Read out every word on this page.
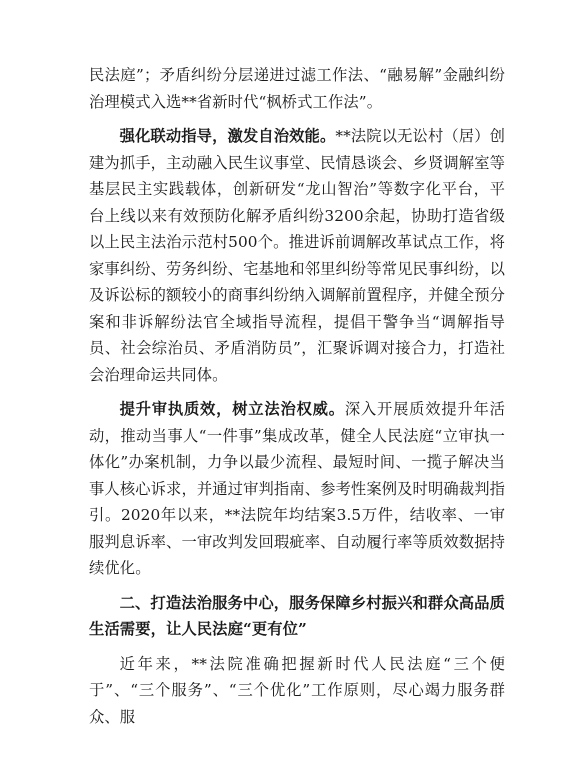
民法庭”；矛盾纠纷分层递进过滤工作法、“融易解”金融纠纷治理模式入选**省新时代“枫桥式工作法”。

强化联动指导，激发自治效能。**法院以无讼村（居）创建为抓手，主动融入民生议事堂、民情恳谈会、乡贤调解室等基层民主实践载体，创新研发“龙山智治”等数字化平台，平台上线以来有效预防化解矛盾纠纷3200余起，协助打造省级以上民主法治示范村500个。推进诉前调解改革试点工作，将家事纠纷、劳务纠纷、宅基地和邻里纠纷等常见民事纠纷，以及诉讼标的额较小的商事纠纷纳入调解前置程序，并健全预分案和非诉解纷法官全域指导流程，提倡干警争当“调解指导员、社会综治员、矛盾消防员”，汇聚诉调对接合力，打造社会治理命运共同体。

提升审执质效，树立法治权威。深入开展质效提升年活动，推动当事人“一件事”集成改革，健全人民法庭“立审执一体化”办案机制，力争以最少流程、最短时间、一揽子解决当事人核心诉求，并通过审判指南、参考性案例及时明确裁判指引。2020年以来，**法院年均结案3.5万件，结收率、一审服判息诉率、一审改判发回瑕疵率、自动履行率等质效数据持续优化。

二、打造法治服务中心，服务保障乡村振兴和群众高品质生活需要，让人民法庭“更有位”

近年来，**法院准确把握新时代人民法庭“三个便于”、“三个服务”、“三个优化”工作原则，尽心竭力服务群众、服
